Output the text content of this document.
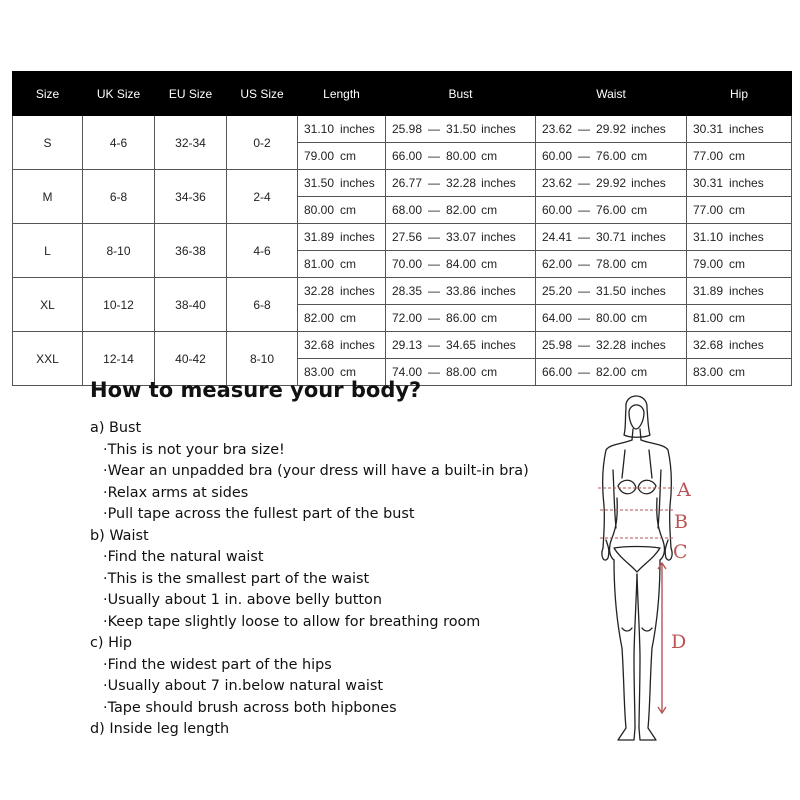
Size	UK Size	EU Size	US Size	Length	Bust	Waist	Hip
S	4-6	32-34	0-2	31.10 inches	25.98 — 31.50 inches	23.62 — 29.92 inches	30.31 inches
				79.00 cm	66.00 — 80.00 cm	60.00 — 76.00 cm	77.00 cm
M	6-8	34-36	2-4	31.50 inches	26.77 — 32.28 inches	23.62 — 29.92 inches	30.31 inches
				80.00 cm	68.00 — 82.00 cm	60.00 — 76.00 cm	77.00 cm
L	8-10	36-38	4-6	31.89 inches	27.56 — 33.07 inches	24.41 — 30.71 inches	31.10 inches
				81.00 cm	70.00 — 84.00 cm	62.00 — 78.00 cm	79.00 cm
XL	10-12	38-40	6-8	32.28 inches	28.35 — 33.86 inches	25.20 — 31.50 inches	31.89 inches
				82.00 cm	72.00 — 86.00 cm	64.00 — 80.00 cm	81.00 cm
XXL	12-14	40-42	8-10	32.68 inches	29.13 — 34.65 inches	25.98 — 32.28 inches	32.68 inches
				83.00 cm	74.00 — 88.00 cm	66.00 — 82.00 cm	83.00 cm
How to measure your body?
a) Bust
·This is not your bra size!
·Wear an unpadded bra (your dress will have a built-in bra)
·Relax arms at sides
·Pull tape across the fullest part of the bust
b) Waist
·Find the natural waist
·This is the smallest part of the waist
·Usually about 1 in. above belly button
·Keep tape slightly loose to allow for breathing room
c) Hip
·Find the widest part of the hips
·Usually about 7 in.below natural waist
·Tape should brush across both hipbones
d) Inside leg length
A
B
C
D
